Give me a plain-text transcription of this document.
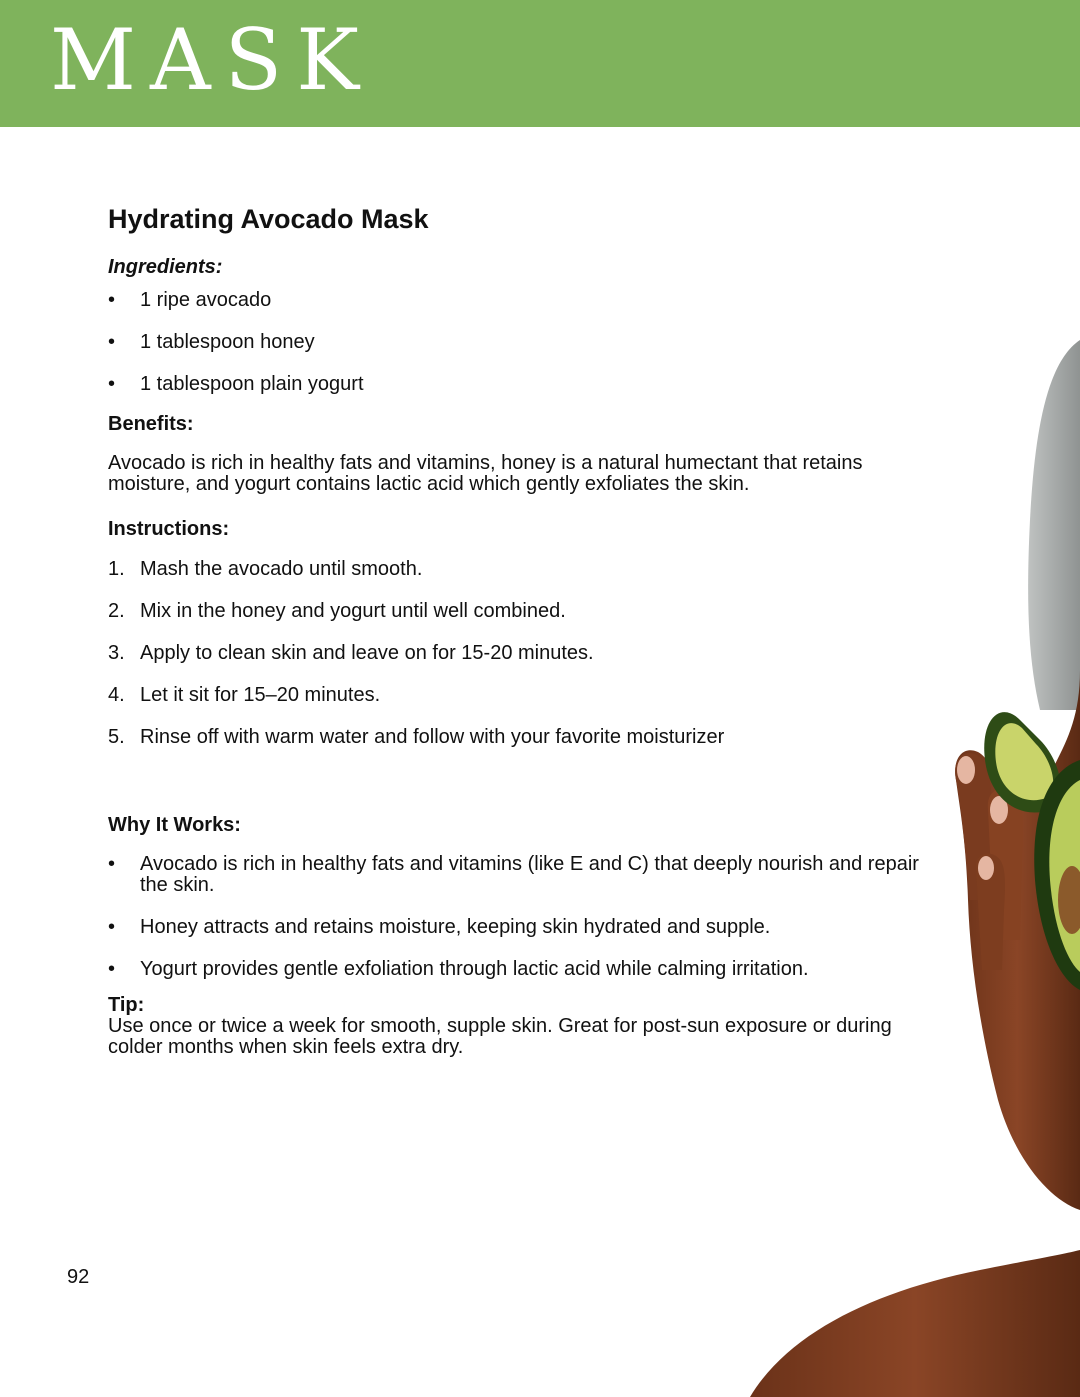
MASK
Hydrating Avocado Mask
Ingredients:
• 1 ripe avocado
• 1 tablespoon honey
• 1 tablespoon plain yogurt
Benefits:

Avocado is rich in healthy fats and vitamins, honey is a natural humectant that retains moisture, and yogurt contains lactic acid which gently exfoliates the skin.

Instructions:
1. Mash the avocado until smooth.
2. Mix in the honey and yogurt until well combined.
3. Apply to clean skin and leave on for 15-20 minutes.
4. Let it sit for 15–20 minutes.
5. Rinse off with warm water and follow with your favorite moisturizer
Why It Works:
• Avocado is rich in healthy fats and vitamins (like E and C) that deeply nourish and repair the skin.
• Honey attracts and retains moisture, keeping skin hydrated and supple.
• Yogurt provides gentle exfoliation through lactic acid while calming irritation.
Tip:

Use once or twice a week for smooth, supple skin. Great for post-sun exposure or during colder months when skin feels extra dry.

92
